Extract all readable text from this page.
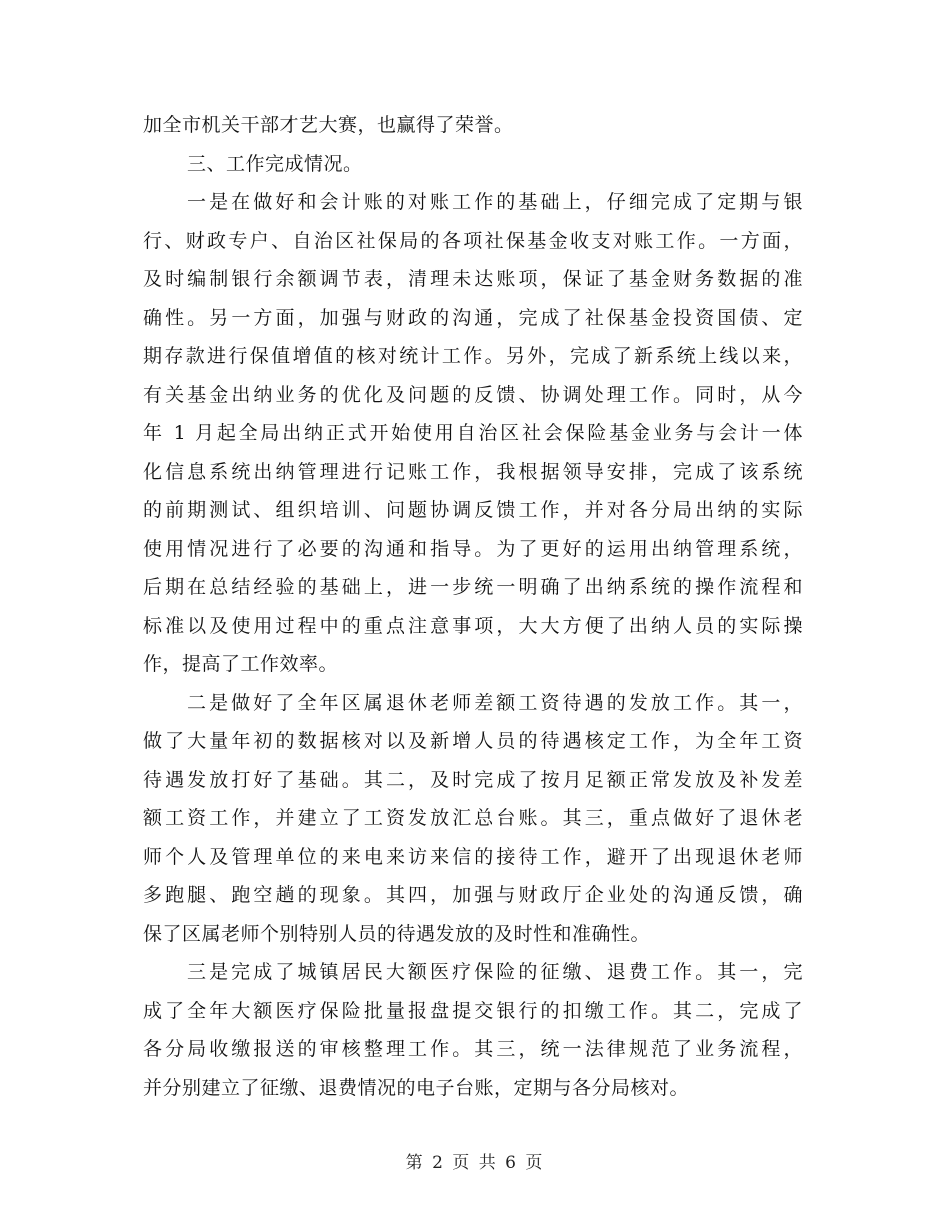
加全市机关干部才艺大赛，也赢得了荣誉。
三、工作完成情况。
一是在做好和会计账的对账工作的基础上，仔细完成了定期与银
行、财政专户、自治区社保局的各项社保基金收支对账工作。一方面，
及时编制银行余额调节表，清理未达账项，保证了基金财务数据的准
确性。另一方面，加强与财政的沟通，完成了社保基金投资国债、定
期存款进行保值增值的核对统计工作。另外，完成了新系统上线以来，
有关基金出纳业务的优化及问题的反馈、协调处理工作。同时，从今
年 1 月起全局出纳正式开始使用自治区社会保险基金业务与会计一体
化信息系统出纳管理进行记账工作，我根据领导安排，完成了该系统
的前期测试、组织培训、问题协调反馈工作，并对各分局出纳的实际
使用情况进行了必要的沟通和指导。为了更好的运用出纳管理系统，
后期在总结经验的基础上，进一步统一明确了出纳系统的操作流程和
标准以及使用过程中的重点注意事项，大大方便了出纳人员的实际操
作，提高了工作效率。
二是做好了全年区属退休老师差额工资待遇的发放工作。其一，
做了大量年初的数据核对以及新增人员的待遇核定工作，为全年工资
待遇发放打好了基础。其二，及时完成了按月足额正常发放及补发差
额工资工作，并建立了工资发放汇总台账。其三，重点做好了退休老
师个人及管理单位的来电来访来信的接待工作，避开了出现退休老师
多跑腿、跑空趟的现象。其四，加强与财政厅企业处的沟通反馈，确
保了区属老师个别特别人员的待遇发放的及时性和准确性。
三是完成了城镇居民大额医疗保险的征缴、退费工作。其一，完
成了全年大额医疗保险批量报盘提交银行的扣缴工作。其二，完成了
各分局收缴报送的审核整理工作。其三，统一法律规范了业务流程，
并分别建立了征缴、退费情况的电子台账，定期与各分局核对。
第 2 页 共 6 页
